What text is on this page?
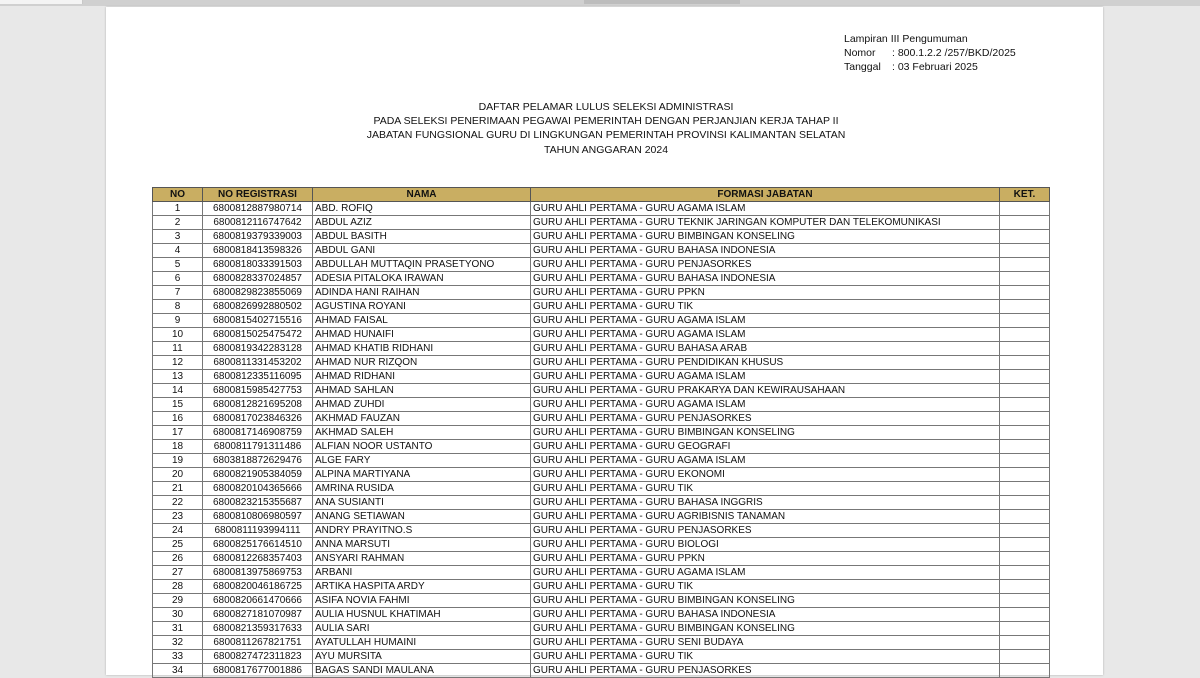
Lampiran III Pengumuman
Nomor : 800.1.2.2 /257/BKD/2025
Tanggal : 03 Februari 2025
DAFTAR PELAMAR LULUS SELEKSI ADMINISTRASI
PADA SELEKSI PENERIMAAN PEGAWAI PEMERINTAH DENGAN PERJANJIAN KERJA TAHAP II
JABATAN FUNGSIONAL GURU DI LINGKUNGAN PEMERINTAH PROVINSI KALIMANTAN SELATAN
TAHUN ANGGARAN 2024
NO	NO REGISTRASI	NAMA	FORMASI JABATAN	KET.
1	6800812887980714	ABD. ROFIQ	GURU AHLI PERTAMA - GURU AGAMA ISLAM	
2	6800812116747642	ABDUL AZIZ	GURU AHLI PERTAMA - GURU TEKNIK JARINGAN KOMPUTER DAN TELEKOMUNIKASI	
3	6800819379339003	ABDUL BASITH	GURU AHLI PERTAMA - GURU BIMBINGAN KONSELING	
4	6800818413598326	ABDUL GANI	GURU AHLI PERTAMA - GURU BAHASA INDONESIA	
5	6800818033391503	ABDULLAH MUTTAQIN PRASETYONO	GURU AHLI PERTAMA - GURU PENJASORKES	
6	6800828337024857	ADESIA PITALOKA IRAWAN	GURU AHLI PERTAMA - GURU BAHASA INDONESIA	
7	6800829823855069	ADINDA HANI RAIHAN	GURU AHLI PERTAMA - GURU PPKN	
8	6800826992880502	AGUSTINA ROYANI	GURU AHLI PERTAMA - GURU TIK	
9	6800815402715516	AHMAD FAISAL	GURU AHLI PERTAMA - GURU AGAMA ISLAM	
10	6800815025475472	AHMAD HUNAIFI	GURU AHLI PERTAMA - GURU AGAMA ISLAM	
11	6800819342283128	AHMAD KHATIB RIDHANI	GURU AHLI PERTAMA - GURU BAHASA ARAB	
12	6800811331453202	AHMAD NUR RIZQON	GURU AHLI PERTAMA - GURU PENDIDIKAN KHUSUS	
13	6800812335116095	AHMAD RIDHANI	GURU AHLI PERTAMA - GURU AGAMA ISLAM	
14	6800815985427753	AHMAD SAHLAN	GURU AHLI PERTAMA - GURU PRAKARYA DAN KEWIRAUSAHAAN	
15	6800812821695208	AHMAD ZUHDI	GURU AHLI PERTAMA - GURU AGAMA ISLAM	
16	6800817023846326	AKHMAD FAUZAN	GURU AHLI PERTAMA - GURU PENJASORKES	
17	6800817146908759	AKHMAD SALEH	GURU AHLI PERTAMA - GURU BIMBINGAN KONSELING	
18	6800811791311486	ALFIAN NOOR USTANTO	GURU AHLI PERTAMA - GURU GEOGRAFI	
19	6803818872629476	ALGE FARY	GURU AHLI PERTAMA - GURU AGAMA ISLAM	
20	6800821905384059	ALPINA MARTIYANA	GURU AHLI PERTAMA - GURU EKONOMI	
21	6800820104365666	AMRINA RUSIDA	GURU AHLI PERTAMA - GURU TIK	
22	6800823215355687	ANA SUSIANTI	GURU AHLI PERTAMA - GURU BAHASA INGGRIS	
23	6800810806980597	ANANG SETIAWAN	GURU AHLI PERTAMA - GURU AGRIBISNIS TANAMAN	
24	6800811193994111	ANDRY PRAYITNO.S	GURU AHLI PERTAMA - GURU PENJASORKES	
25	6800825176614510	ANNA MARSUTI	GURU AHLI PERTAMA - GURU BIOLOGI	
26	6800812268357403	ANSYARI RAHMAN	GURU AHLI PERTAMA - GURU PPKN	
27	6800813975869753	ARBANI	GURU AHLI PERTAMA - GURU AGAMA ISLAM	
28	6800820046186725	ARTIKA HASPITA ARDY	GURU AHLI PERTAMA - GURU TIK	
29	6800820661470666	ASIFA NOVIA FAHMI	GURU AHLI PERTAMA - GURU BIMBINGAN KONSELING	
30	6800827181070987	AULIA HUSNUL KHATIMAH	GURU AHLI PERTAMA - GURU BAHASA INDONESIA	
31	6800821359317633	AULIA SARI	GURU AHLI PERTAMA - GURU BIMBINGAN KONSELING	
32	6800811267821751	AYATULLAH HUMAINI	GURU AHLI PERTAMA - GURU SENI BUDAYA	
33	6800827472311823	AYU MURSITA	GURU AHLI PERTAMA - GURU TIK	
34	6800817677001886	BAGAS SANDI MAULANA	GURU AHLI PERTAMA - GURU PENJASORKES	
